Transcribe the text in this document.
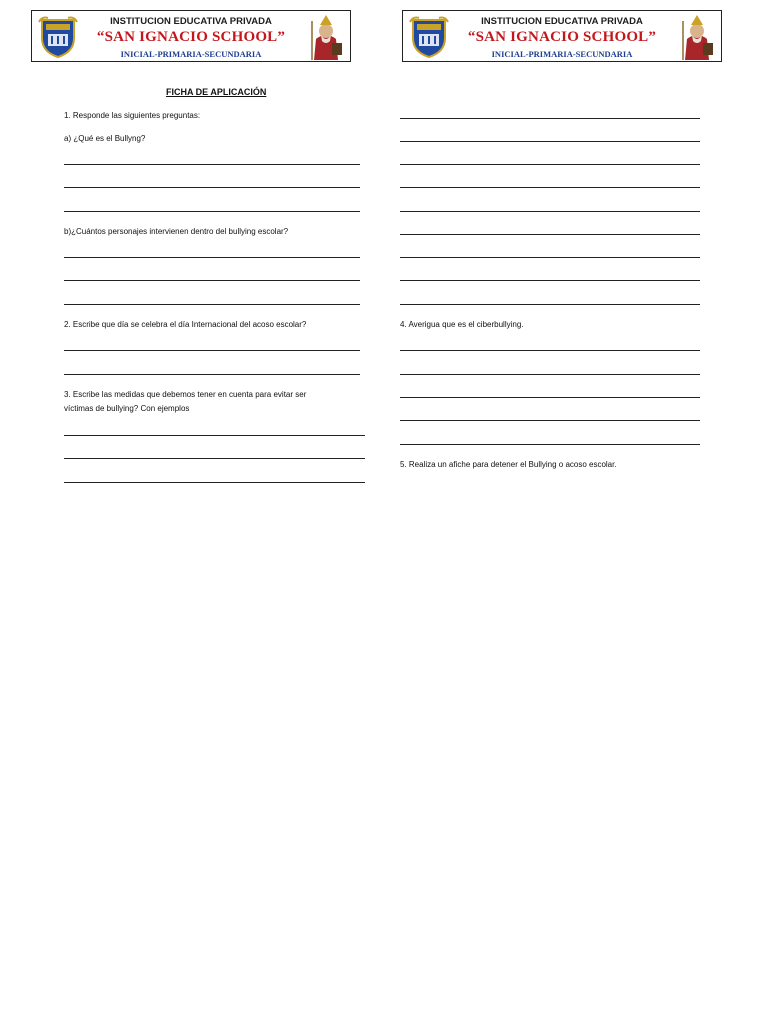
INSTITUCION EDUCATIVA PRIVADA
“SAN IGNACIO SCHOOL”
INICIAL-PRIMARIA-SECUNDARIA
INSTITUCION EDUCATIVA PRIVADA
“SAN IGNACIO SCHOOL”
INICIAL-PRIMARIA-SECUNDARIA
FICHA DE APLICACIÓN
1. Responde las siguientes preguntas:
a) ¿Qué es el Bullyng?
b)¿Cuántos personajes intervienen dentro del bullying escolar?
2. Escribe que día se celebra el día Internacional del acoso escolar?
3. Escribe las medidas que debemos tener en cuenta para evitar ser
víctimas de bullying? Con ejemplos
4. Averigua que es el ciberbullying.
5. Realiza un afiche para detener el Bullying o acoso escolar.
